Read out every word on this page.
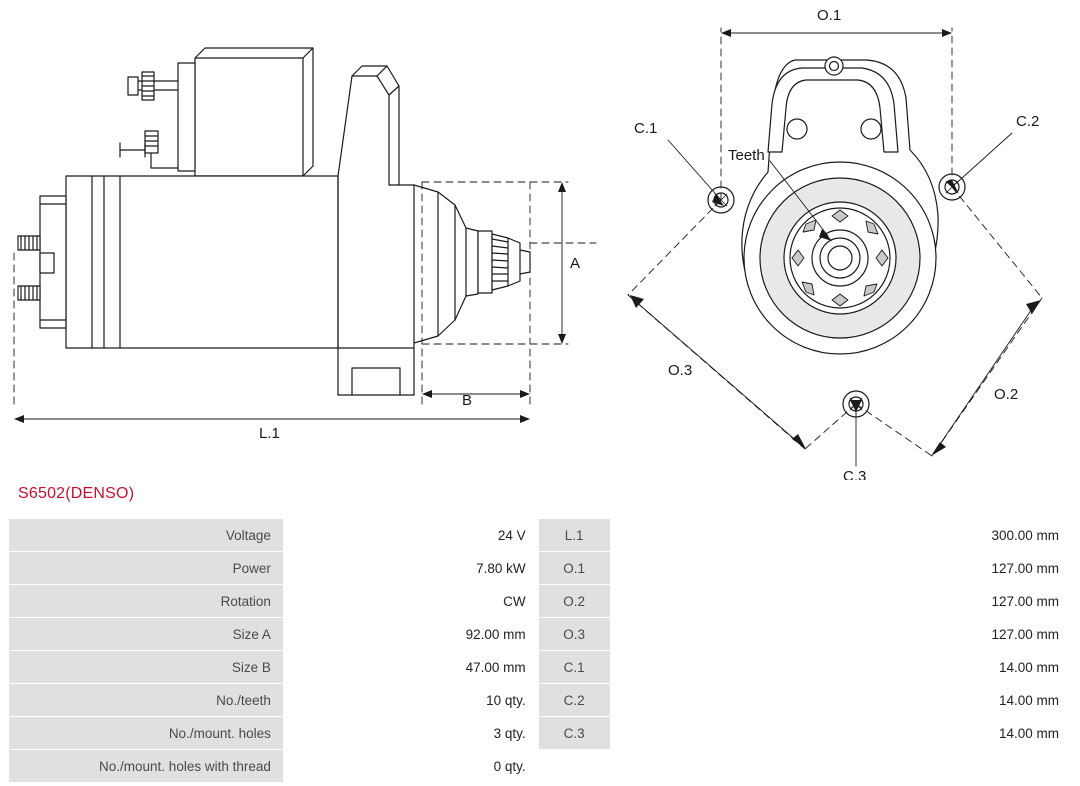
A
B
L.1
O.1
O.2
O.3
C.1	C.2
C.3
Teeth
S6502(DENSO)
Voltage	24 V	L.1	300.00 mm
Power	7.80 kW	O.1	127.00 mm
Rotation	CW	O.2	127.00 mm
Size A	92.00 mm	O.3	127.00 mm
Size B	47.00 mm	C.1	14.00 mm
No./teeth	10 qty.	C.2	14.00 mm
No./mount. holes	3 qty.	C.3	14.00 mm
No./mount. holes with thread	0 qty.		
